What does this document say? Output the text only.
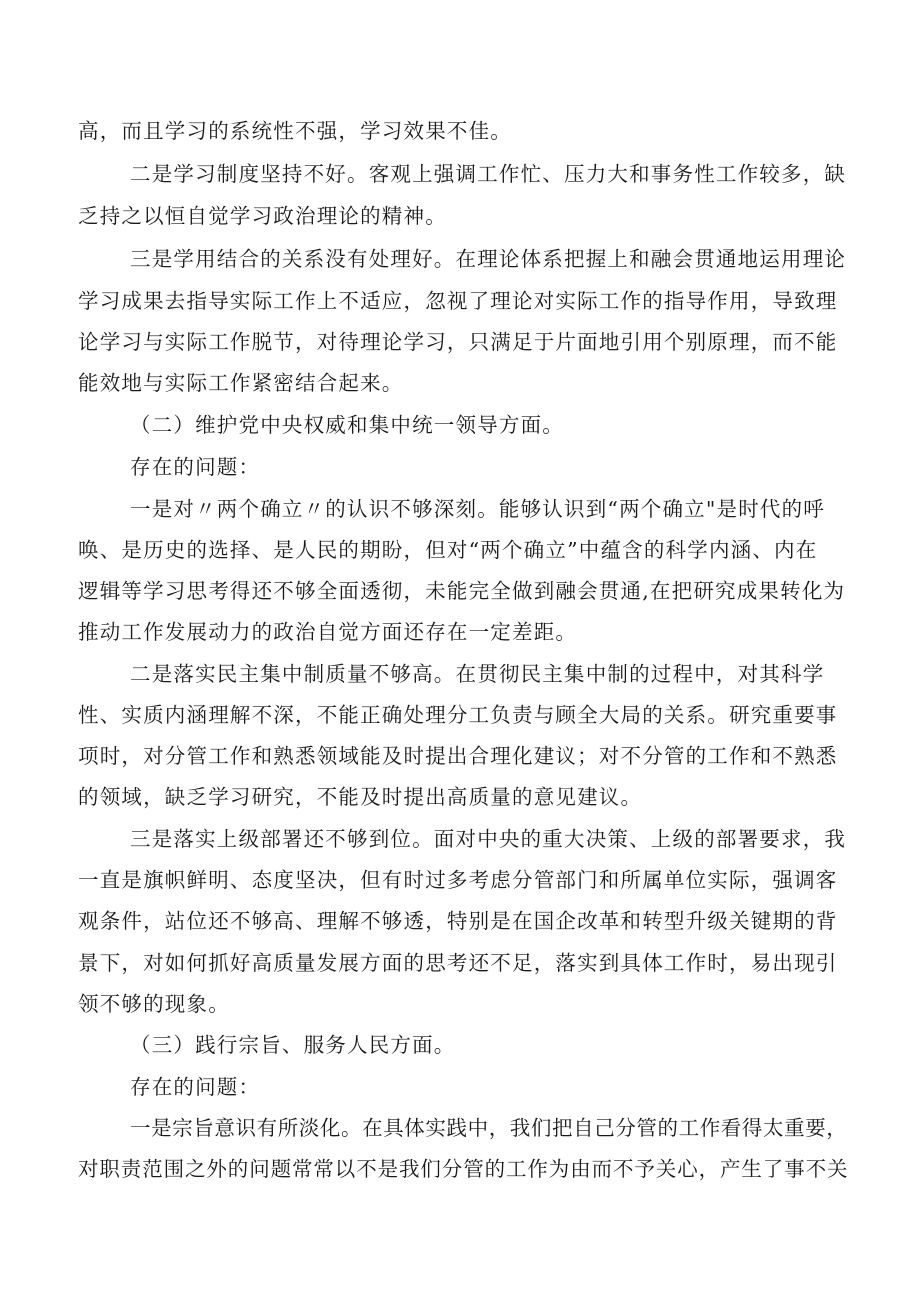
高，而且学习的系统性不强，学习效果不佳。
二是学习制度坚持不好。客观上强调工作忙、压力大和事务性工作较多，缺
乏持之以恒自觉学习政治理论的精神。
三是学用结合的关系没有处理好。在理论体系把握上和融会贯通地运用理论
学习成果去指导实际工作上不适应，忽视了理论对实际工作的指导作用，导致理
论学习与实际工作脱节，对待理论学习，只满足于片面地引用个别原理，而不能
能效地与实际工作紧密结合起来。
（二）维护党中央权威和集中统一领导方面。
存在的问题：
一是对〃两个确立〃的认识不够深刻。能够认识到“两个确立"是时代的呼
唤、是历史的选择、是人民的期盼，但对“两个确立”中蕴含的科学内涵、内在
逻辑等学习思考得还不够全面透彻，未能完全做到融会贯通,在把研究成果转化为
推动工作发展动力的政治自觉方面还存在一定差距。
二是落实民主集中制质量不够高。在贯彻民主集中制的过程中，对其科学
性、实质内涵理解不深，不能正确处理分工负责与顾全大局的关系。研究重要事
项时，对分管工作和熟悉领域能及时提出合理化建议；对不分管的工作和不熟悉
的领域，缺乏学习研究，不能及时提出高质量的意见建议。
三是落实上级部署还不够到位。面对中央的重大决策、上级的部署要求，我
一直是旗帜鲜明、态度坚决，但有时过多考虑分管部门和所属单位实际，强调客
观条件，站位还不够高、理解不够透，特别是在国企改革和转型升级关键期的背
景下，对如何抓好高质量发展方面的思考还不足，落实到具体工作时，易出现引
领不够的现象。
（三）践行宗旨、服务人民方面。
存在的问题：
一是宗旨意识有所淡化。在具体实践中，我们把自己分管的工作看得太重要，
对职责范围之外的问题常常以不是我们分管的工作为由而不予关心，产生了事不关
